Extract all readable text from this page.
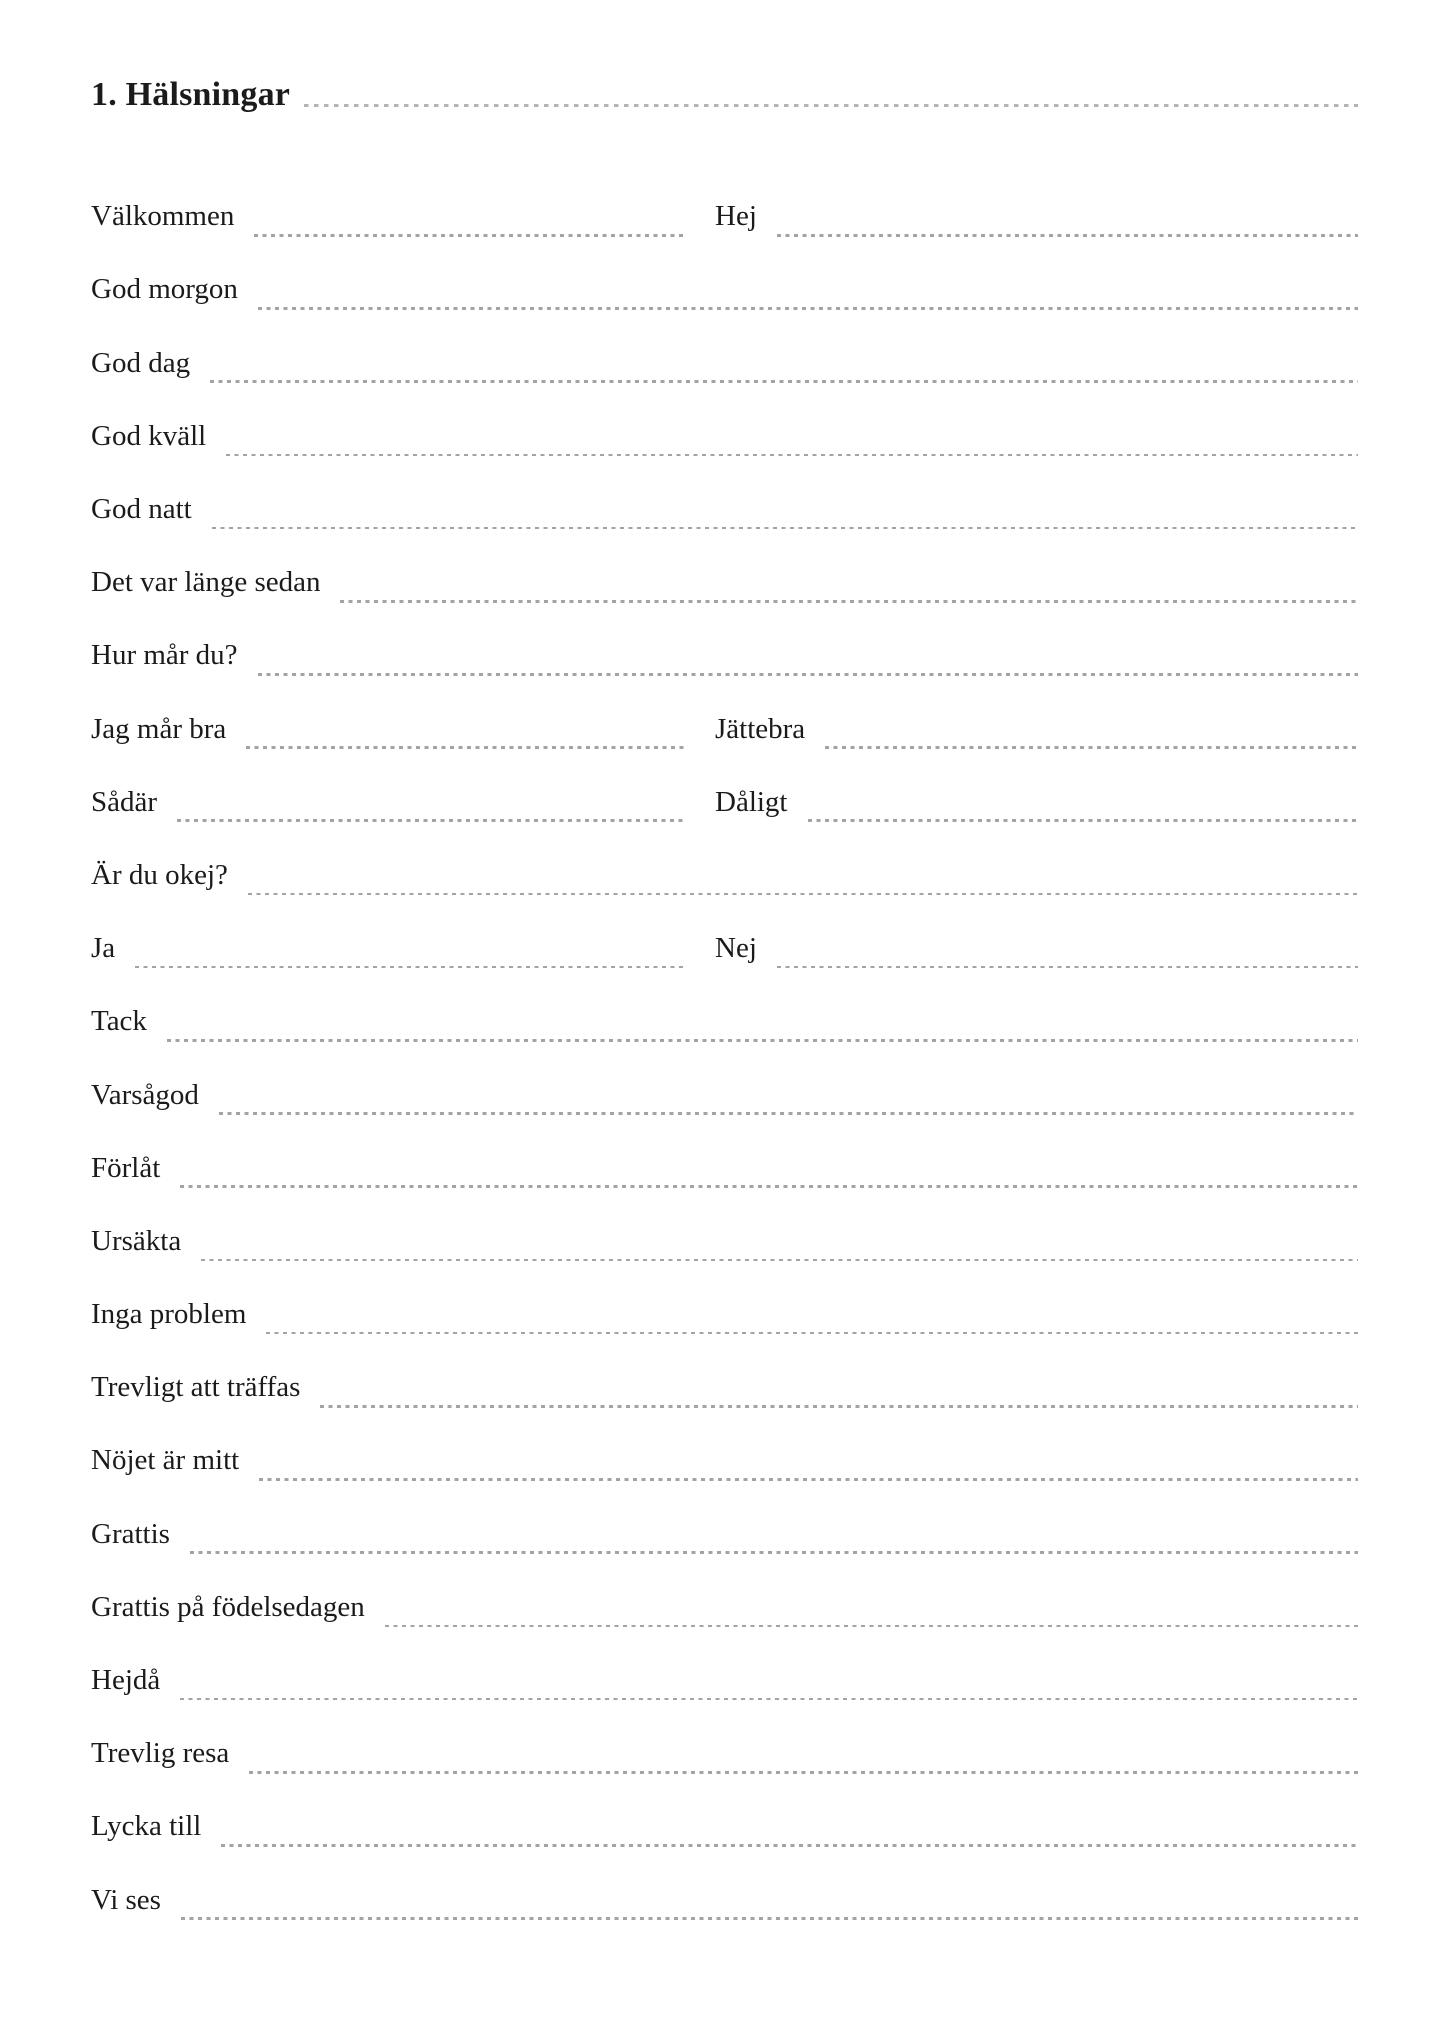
1. Hälsningar
Välkommen	Hej
God morgon
God dag
God kväll
God natt
Det var länge sedan
Hur mår du?
Jag mår bra	Jättebra
Sådär	Dåligt
Är du okej?
Ja	Nej
Tack
Varsågod
Förlåt
Ursäkta
Inga problem
Trevligt att träffas
Nöjet är mitt
Grattis
Grattis på födelsedagen
Hejdå
Trevlig resa
Lycka till
Vi ses
